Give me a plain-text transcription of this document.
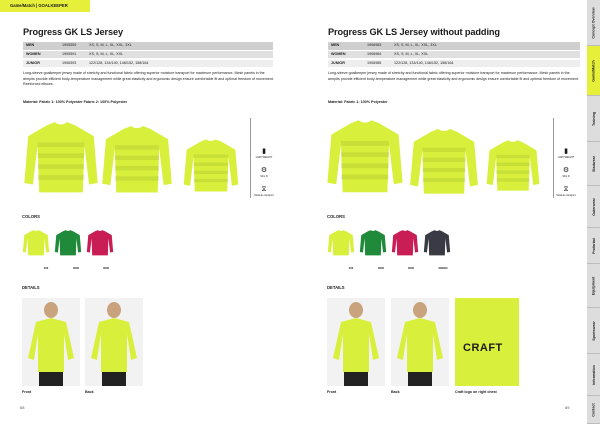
Game/Match | GOALKEEPER
Progress GK LS Jersey
MEN	1905559	XS, S, M, L, XL, XXL, 3XL
WOMEN	1905591	XS, S, M, L, XL, XXL
JUNIOR	1906593	122/128, 134/140, 146/152, 158/164
Long-sleeve goalkeeper jersey made of stretchy and functional fabric offering superior moisture transport for maximum performance. Mesh panels in the armpits provide efficient body-temperature management while great elasticity and ergonomic design ensure comfortable fit and optimal freedom of movement. Reinforced elbows.
Material: Fabric 1: 100% Polyester Fabric 2: 100% Polyester
▮
LIGHTWEIGHT
⚙
Slim fit
⧖
Moisture transport
COLORS
000	9500	0000
DETAILS
Front	Back
68
Progress GK LS Jersey without padding
MEN	1906983	XS, S, M, L, XL, XXL, 3XL
WOMEN	1906984	XS, S, M, L, XL, XXL
JUNIOR	1906985	122/128, 134/140, 146/152, 158/164
Long-sleeve goalkeeper jersey made of stretchy and functional fabric offering superior moisture transport for maximum performance. Mesh panels in the armpits provide efficient body-temperature management while great elasticity and ergonomic design ensure comfortable fit and optimal freedom of movement.
Material: Fabric 1: 100% Polyester
▮
LIGHTWEIGHT
⚙
Slim fit
⧖
Moisture transport
COLORS
000	9500	0000	999000
DETAILS
CRAFT
Front	Back	Craft logo on right chest
69
Concept Overview
Game/Match
Training
Stadwear
Outerwear
Profarbal
Equipment
Sportswear
Information
Contact
